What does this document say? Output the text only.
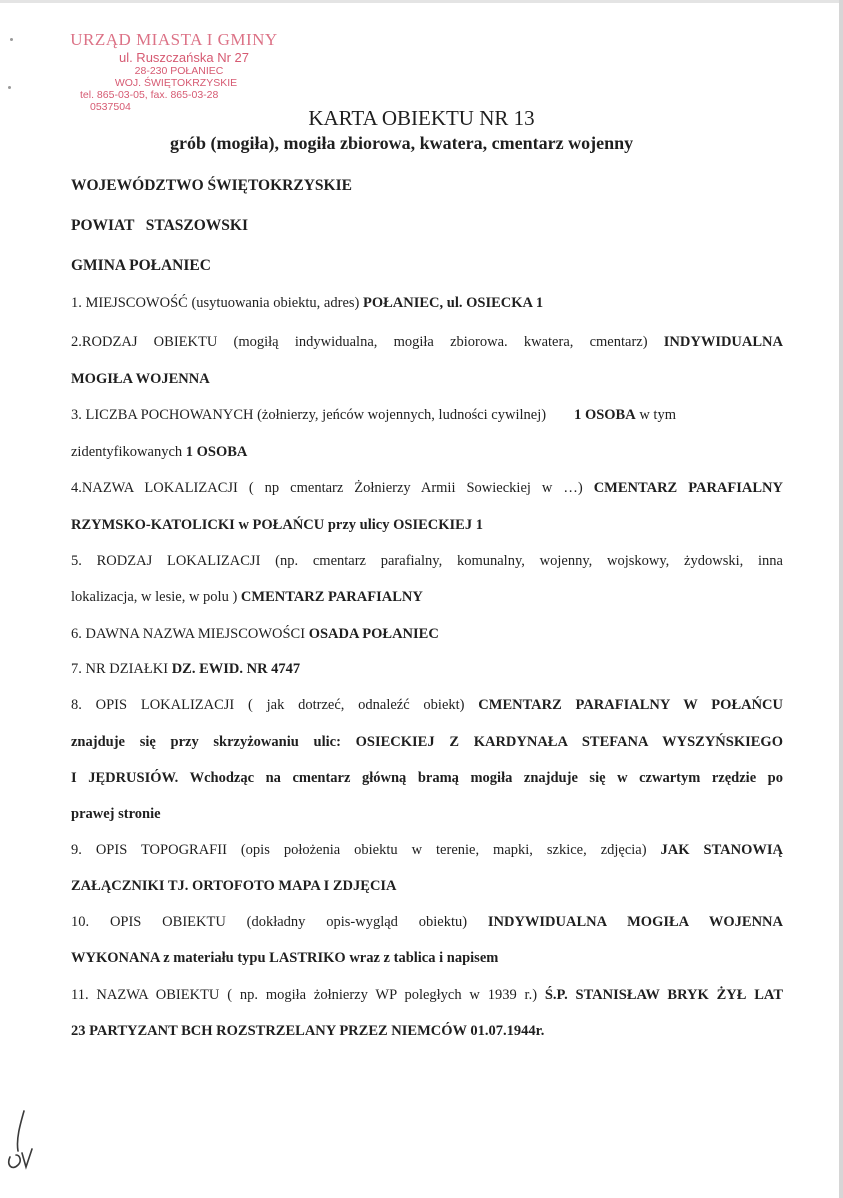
URZĄD MIASTA I GMINY
ul. Ruszczańska Nr 27
28-230 POŁANIEC
WOJ. ŚWIĘTOKRZYSKIE
tel. 865-03-05, fax. 865-03-28
0537504	KARTA OBIEKTU NR 13
grób (mogiła), mogiła zbiorowa, kwatera, cmentarz wojenny
WOJEWÓDZTWO ŚWIĘTOKRZYSKIE
POWIAT   STASZOWSKI
GMINA POŁANIEC
1. MIEJSCOWOŚĆ (usytuowania obiektu, adres) POŁANIEC, ul. OSIECKA 1
2.RODZAJ OBIEKTU (mogiłą indywidualna, mogiła zbiorowa. kwatera, cmentarz) INDYWIDUALNA
MOGIŁA WOJENNA
3. LICZBA POCHOWANYCH (żołnierzy, jeńców wojennych, ludności cywilnej) 1 OSOBA w tym
zidentyfikowanych 1 OSOBA
4.NAZWA LOKALIZACJI ( np cmentarz Żołnierzy Armii Sowieckiej w …) CMENTARZ PARAFIALNY
RZYMSKO-KATOLICKI w POŁAŃCU przy ulicy OSIECKIEJ 1
5. RODZAJ LOKALIZACJI (np. cmentarz parafialny, komunalny, wojenny, wojskowy, żydowski, inna
lokalizacja, w lesie, w polu ) CMENTARZ PARAFIALNY
6. DAWNA NAZWA MIEJSCOWOŚCI OSADA POŁANIEC
7. NR DZIAŁKI DZ. EWID. NR 4747
8. OPIS LOKALIZACJI ( jak dotrzeć, odnaleźć obiekt) CMENTARZ PARAFIALNY W POŁAŃCU
znajduje się przy skrzyżowaniu ulic: OSIECKIEJ Z KARDYNAŁA STEFANA WYSZYŃSKIEGO
I JĘDRUSIÓW. Wchodząc na cmentarz główną bramą mogiła znajduje się w czwartym rzędzie po
prawej stronie
9. OPIS TOPOGRAFII (opis położenia obiektu w terenie, mapki, szkice, zdjęcia) JAK STANOWIĄ
ZAŁĄCZNIKI TJ. ORTOFOTO MAPA I ZDJĘCIA
10. OPIS OBIEKTU (dokładny opis-wygląd obiektu) INDYWIDUALNA MOGIŁA WOJENNA
WYKONANA z materiału typu LASTRIKO wraz z tablica i napisem
11. NAZWA OBIEKTU ( np. mogiła żołnierzy WP poległych w 1939 r.) Ś.P. STANISŁAW BRYK ŻYŁ LAT
23 PARTYZANT BCH ROZSTRZELANY PRZEZ NIEMCÓW 01.07.1944r.
